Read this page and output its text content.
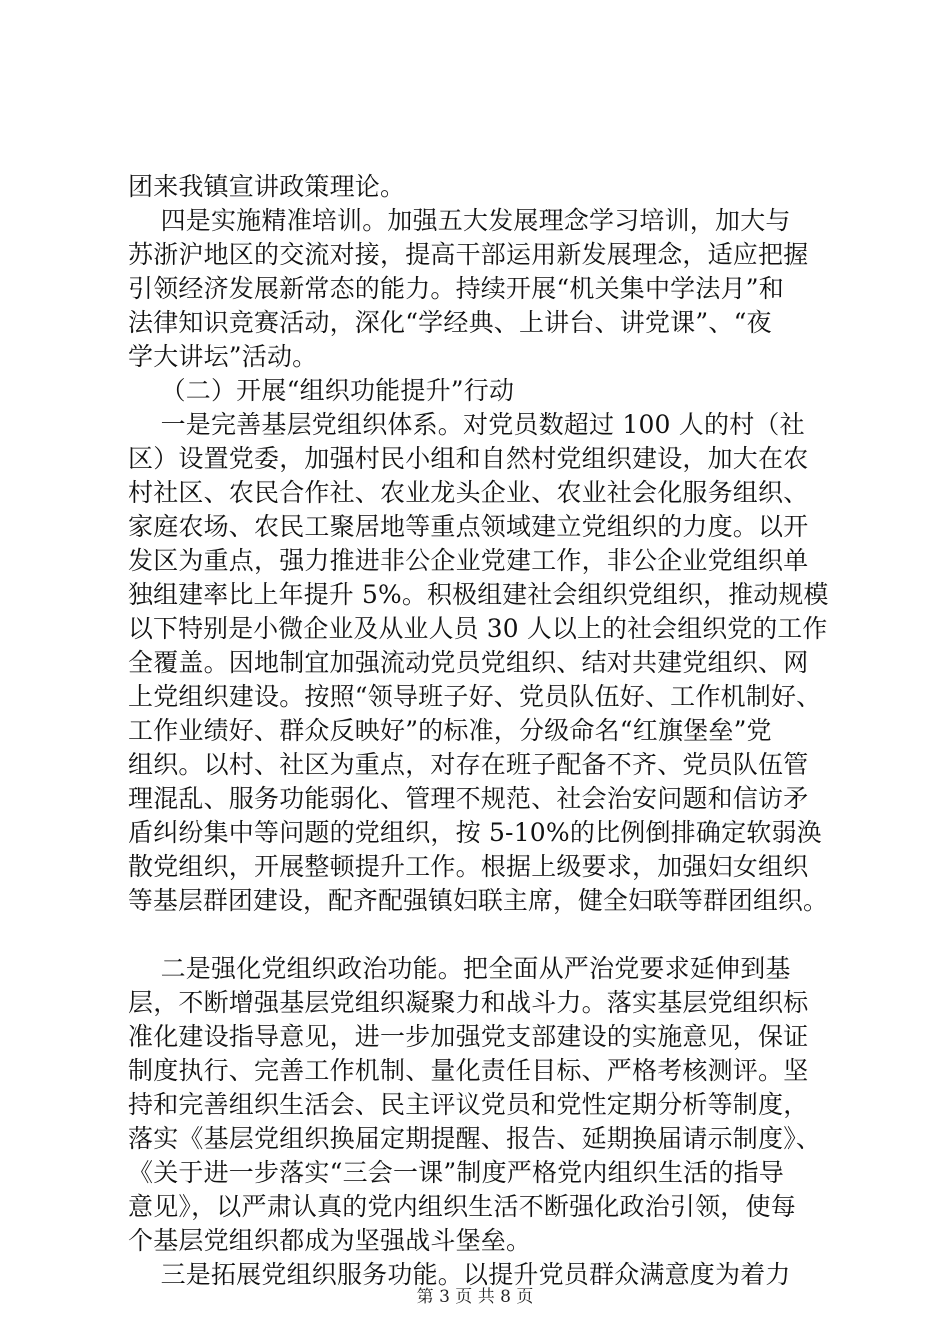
团来我镇宣讲政策理论。
四是实施精准培训。加强五大发展理念学习培训，加大与
苏浙沪地区的交流对接，提高干部运用新发展理念，适应把握
引领经济发展新常态的能力。持续开展“机关集中学法月”和
法律知识竞赛活动，深化“学经典、上讲台、讲党课”、“夜
学大讲坛”活动。
（二）开展“组织功能提升”行动
一是完善基层党组织体系。对党员数超过 100 人的村（社
区）设置党委，加强村民小组和自然村党组织建设，加大在农
村社区、农民合作社、农业龙头企业、农业社会化服务组织、
家庭农场、农民工聚居地等重点领域建立党组织的力度。以开
发区为重点，强力推进非公企业党建工作，非公企业党组织单
独组建率比上年提升 5%。积极组建社会组织党组织，推动规模
以下特别是小微企业及从业人员 30 人以上的社会组织党的工作
全覆盖。因地制宜加强流动党员党组织、结对共建党组织、网
上党组织建设。按照“领导班子好、党员队伍好、工作机制好、
工作业绩好、群众反映好”的标准，分级命名“红旗堡垒”党
组织。以村、社区为重点，对存在班子配备不齐、党员队伍管
理混乱、服务功能弱化、管理不规范、社会治安问题和信访矛
盾纠纷集中等问题的党组织，按 5-10%的比例倒排确定软弱涣
散党组织，开展整顿提升工作。根据上级要求，加强妇女组织
等基层群团建设，配齐配强镇妇联主席，健全妇联等群团组织。
二是强化党组织政治功能。把全面从严治党要求延伸到基
层，不断增强基层党组织凝聚力和战斗力。落实基层党组织标
准化建设指导意见，进一步加强党支部建设的实施意见，保证
制度执行、完善工作机制、量化责任目标、严格考核测评。坚
持和完善组织生活会、民主评议党员和党性定期分析等制度，
落实《基层党组织换届定期提醒、报告、延期换届请示制度》、
《关于进一步落实“三会一课”制度严格党内组织生活的指导
意见》，以严肃认真的党内组织生活不断强化政治引领，使每
个基层党组织都成为坚强战斗堡垒。
三是拓展党组织服务功能。以提升党员群众满意度为着力
第 3 页 共 8 页
